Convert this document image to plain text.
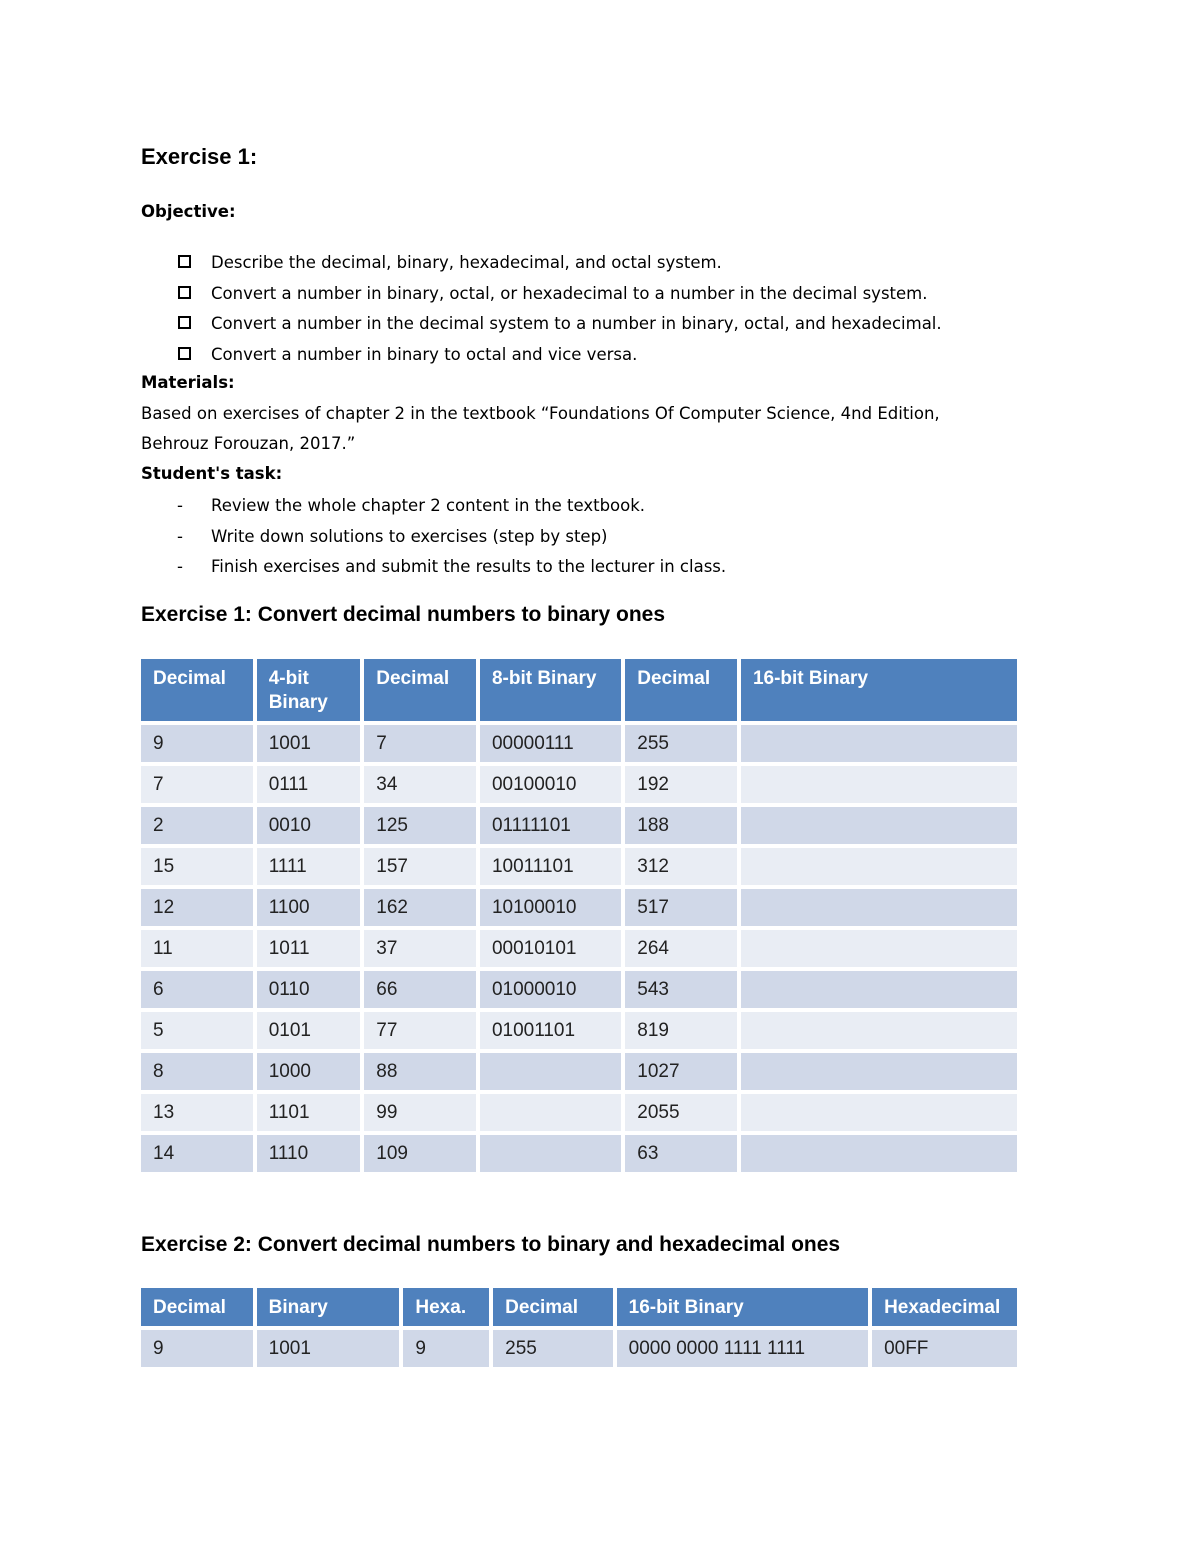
Exercise 1:
Objective:
Describe the decimal, binary, hexadecimal, and octal system.
Convert a number in binary, octal, or hexadecimal to a number in the decimal system.
Convert a number in the decimal system to a number in binary, octal, and hexadecimal.
Convert a number in binary to octal and vice versa.
Materials:
Based on exercises of chapter 2 in the textbook “Foundations Of Computer Science, 4nd Edition,
Behrouz Forouzan, 2017.”
Student's task:
- Review the whole chapter 2 content in the textbook.
- Write down solutions to exercises (step by step)
- Finish exercises and submit the results to the lecturer in class.
Exercise 1: Convert decimal numbers to binary ones
Decimal	4-bit Binary	Decimal	8-bit Binary	Decimal	16-bit Binary
9	1001	7	00000111	255	
7	0111	34	00100010	192	
2	0010	125	01111101	188	
15	1111	157	10011101	312	
12	1100	162	10100010	517	
11	1011	37	00010101	264	
6	0110	66	01000010	543	
5	0101	77	01001101	819	
8	1000	88		1027	
13	1101	99		2055	
14	1110	109		63	
Exercise 2: Convert decimal numbers to binary and hexadecimal ones
Decimal	Binary	Hexa.	Decimal	16-bit Binary	Hexadecimal
9	1001	9	255	0000 0000 1111 1111	00FF
